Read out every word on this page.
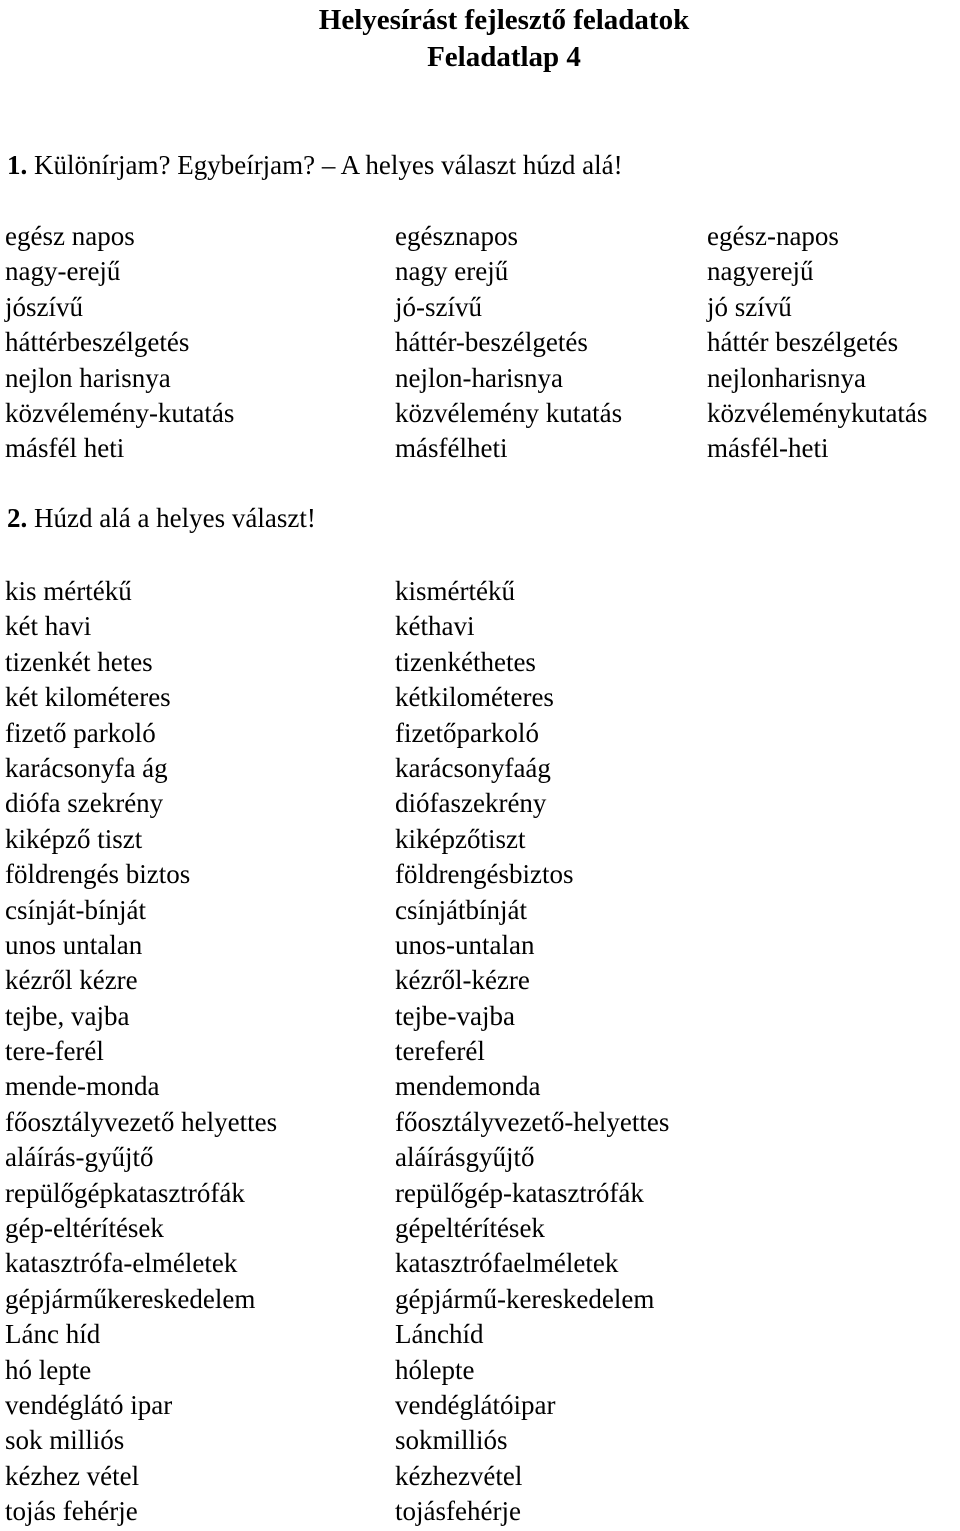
Helyesírást fejlesztő feladatok
Feladatlap 4
1. Különírjam? Egybeírjam? – A helyes választ húzd alá!
egész napos
nagy-erejű
jószívű
háttérbeszélgetés
nejlon harisnya
közvélemény-kutatás
másfél heti
egésznapos
nagy erejű
jó-szívű
háttér-beszélgetés
nejlon-harisnya
közvélemény kutatás
másfélheti
egész-napos
nagyerejű
jó szívű
háttér beszélgetés
nejlonharisnya
közvéleménykutatás
másfél-heti
2. Húzd alá a helyes választ!
kis mértékű
két havi
tizenkét hetes
két kilométeres
fizető parkoló
karácsonyfa ág
diófa szekrény
kiképző tiszt
földrengés biztos
csínját-bínját
unos untalan
kézről kézre
tejbe, vajba
tere-ferél
mende-monda
főosztályvezető helyettes
aláírás-gyűjtő
repülőgépkatasztrófák
gép-eltérítések
katasztrófa-elméletek
gépjárműkereskedelem
Lánc híd
hó lepte
vendéglátó ipar
sok milliós
kézhez vétel
tojás fehérje
kismértékű
kéthavi
tizenkéthetes
kétkilométeres
fizetőparkoló
karácsonyfaág
diófaszekrény
kiképzőtiszt
földrengésbiztos
csínjátbínját
unos-untalan
kézről-kézre
tejbe-vajba
tereferél
mendemonda
főosztályvezető-helyettes
aláírásgyűjtő
repülőgép-katasztrófák
gépeltérítések
katasztrófaelméletek
gépjármű-kereskedelem
Lánchíd
hólepte
vendéglátóipar
sokmilliós
kézhezvétel
tojásfehérje
